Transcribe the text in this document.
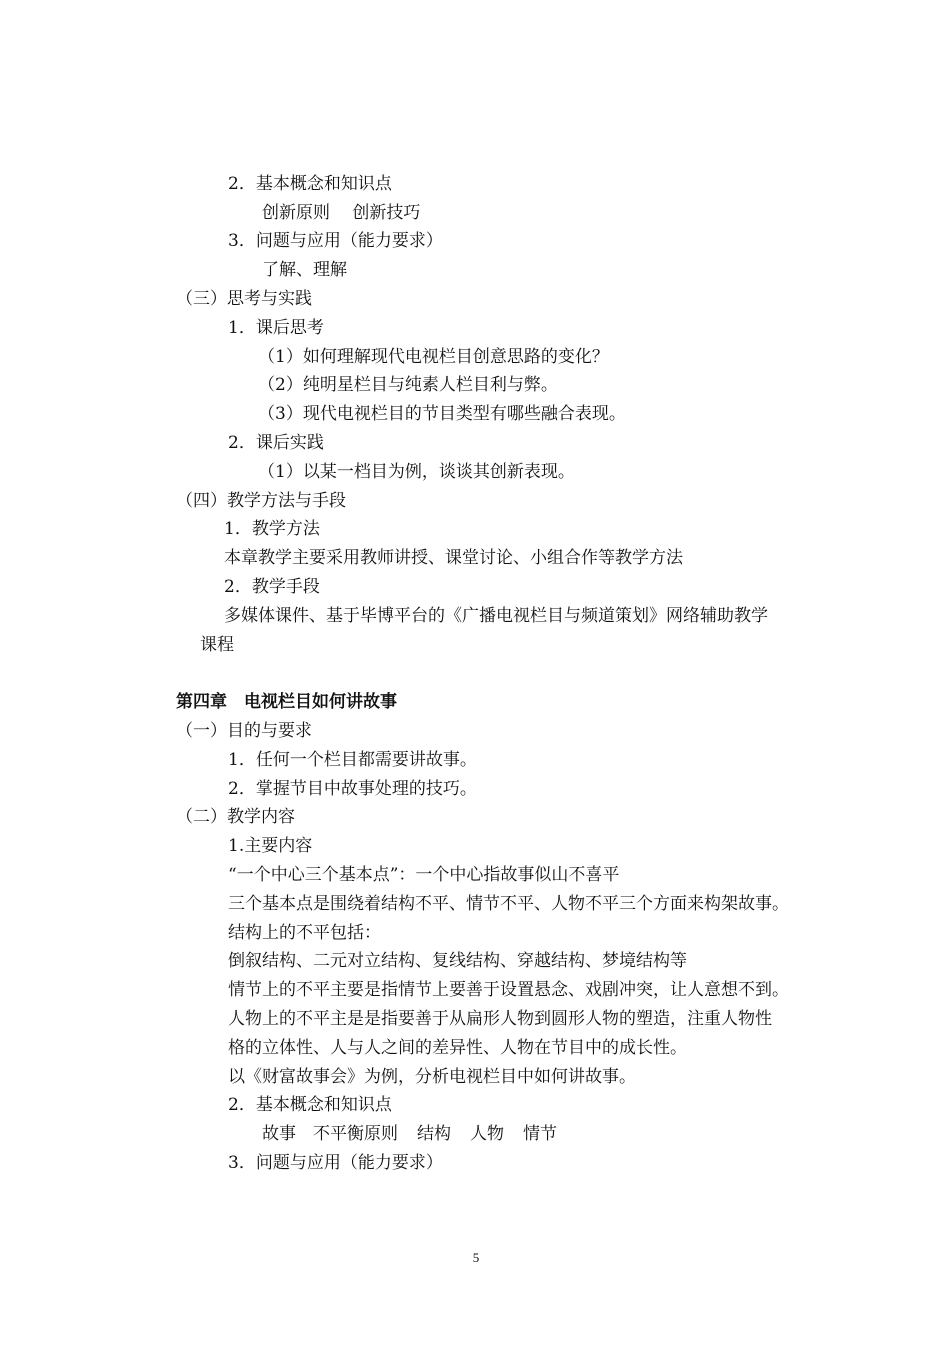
2．基本概念和知识点

创新原则　 创新技巧

3．问题与应用（能力要求）

了解、理解

（三）思考与实践

1．课后思考

（1）如何理解现代电视栏目创意思路的变化？

（2）纯明星栏目与纯素人栏目利与弊。

（3）现代电视栏目的节目类型有哪些融合表现。

2．课后实践

（1）以某一档目为例，谈谈其创新表现。

（四）教学方法与手段

1．教学方法

本章教学主要采用教师讲授、课堂讨论、小组合作等教学方法

2．教学手段

多媒体课件、基于毕博平台的《广播电视栏目与频道策划》网络辅助教学

课程

第四章　电视栏目如何讲故事

（一）目的与要求

1．任何一个栏目都需要讲故事。

2．掌握节目中故事处理的技巧。

（二）教学内容

1.主要内容

“一个中心三个基本点”：一个中心指故事似山不喜平

三个基本点是围绕着结构不平、情节不平、人物不平三个方面来构架故事。

结构上的不平包括：

倒叙结构、二元对立结构、复线结构、穿越结构、梦境结构等

情节上的不平主要是指情节上要善于设置悬念、戏剧冲突，让人意想不到。

人物上的不平主是是指要善于从扁形人物到圆形人物的塑造，注重人物性

格的立体性、人与人之间的差异性、人物在节目中的成长性。

以《财富故事会》为例，分析电视栏目中如何讲故事。

2．基本概念和知识点

故事　不平衡原则 结构 人物 情节

3．问题与应用（能力要求）

5
